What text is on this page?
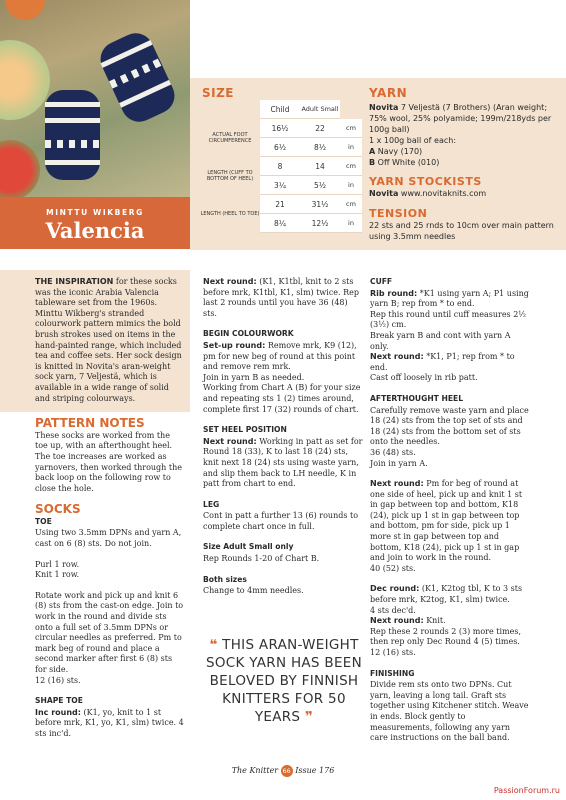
MINTTU WIKBERG
Valencia
SIZE
	Child	Adult Small	
ACTUAL FOOT CIRCUMFERENCE	16½	22	cm
	6½	8½	in
LENGTH (CUFF TO BOTTOM OF HEEL)	8	14	cm
	3¼	5½	in
LENGTH (HEEL TO TOE)	21	31½	cm
	8¼	12½	in
YARN
Novita 7 Veljestä (7 Brothers) (Aran weight; 75% wool, 25% polyamide; 199m/218yds per 100g ball)
1 x 100g ball of each:
A Navy (170)
B Off White (010)
YARN STOCKISTS
Novita www.novitaknits.com
TENSION
22 sts and 25 rnds to 10cm over main pattern using 3.5mm needles

THE INSPIRATION for these socks was the iconic Arabia Valencia tableware set from the 1960s. Minttu Wikberg's stranded colourwork pattern mimics the bold brush strokes used on items in the hand-painted range, which included tea and coffee sets. Her sock design is knitted in Novita's aran-weight sock yarn, 7 Veljestä, which is available in a wide range of solid and striping colourways.

PATTERN NOTES

These socks are worked from the toe up, with an afterthought heel. The toe increases are worked as yarnovers, then worked through the back loop on the following row to close the hole.

SOCKS
TOE

Using two 3.5mm DPNs and yarn A, cast on 6 (8) sts. Do not join.

Purl 1 row.

Knit 1 row.

Rotate work and pick up and knit 6 (8) sts from the cast-on edge. Join to work in the round and divide sts onto a full set of 3.5mm DPNs or circular needles as preferred. Pm to mark beg of round and place a second marker after first 6 (8) sts for side.

12 (16) sts.

SHAPE TOE

Inc round: (K1, yo, knit to 1 st before mrk, K1, yo, K1, slm) twice. 4 sts inc'd.

Next round: (K1, K1tbl, knit to 2 sts before mrk, K1tbl, K1, slm) twice. Rep last 2 rounds until you have 36 (48) sts.

BEGIN COLOURWORK
Set-up round: Remove mrk, K9 (12), pm for new beg of round at this point and remove rem mrk.
Join in yarn B as needed.

Working from Chart A (B) for your size and repeating sts 1 (2) times around, complete first 17 (32) rounds of chart.

SET HEEL POSITION

Next round: Working in patt as set for Round 18 (33), K to last 18 (24) sts, knit next 18 (24) sts using waste yarn, and slip them back to LH needle, K in patt from chart to end.

LEG

Cont in patt a further 13 (6) rounds to complete chart once in full.

Size Adult Small only

Rep Rounds 1-20 of Chart B.

Both sizes

Change to 4mm needles.

❝ THIS ARAN-WEIGHT SOCK YARN HAS BEEN BELOVED BY FINNISH KNITTERS FOR 50 YEARS ❞
CUFF
Rib round: *K1 using yarn A; P1 using yarn B; rep from * to end.
Rep this round until cuff measures 2½ (3½) cm.
Break yarn B and cont with yarn A only.
Next round: *K1, P1; rep from * to end.

Cast off loosely in rib patt.

AFTERTHOUGHT HEEL
Carefully remove waste yarn and place 18 (24) sts from the top set of sts and 18 (24) sts from the bottom set of sts onto the needles.
36 (48) sts.

Join in yarn A.

Next round: Pm for beg of round at one side of heel, pick up and knit 1 st in gap between top and bottom, K18 (24), pick up 1 st in gap between top and bottom, pm for side, pick up 1 more st in gap between top and bottom, K18 (24), pick up 1 st in gap and join to work in the round.

40 (52) sts.

Dec round: (K1, K2tog tbl, K to 3 sts before mrk, K2tog, K1, slm) twice.
4 sts dec'd.
Next round: Knit.
Rep these 2 rounds 2 (3) more times, then rep only Dec Round 4 (5) times.

12 (16) sts.

FINISHING

Divide rem sts onto two DPNs. Cut yarn, leaving a long tail. Graft sts together using Kitchener stitch. Weave in ends. Block gently to measurements, following any yarn care instructions on the ball band.

The Knitter 66 Issue 176
PassionForum.ru
